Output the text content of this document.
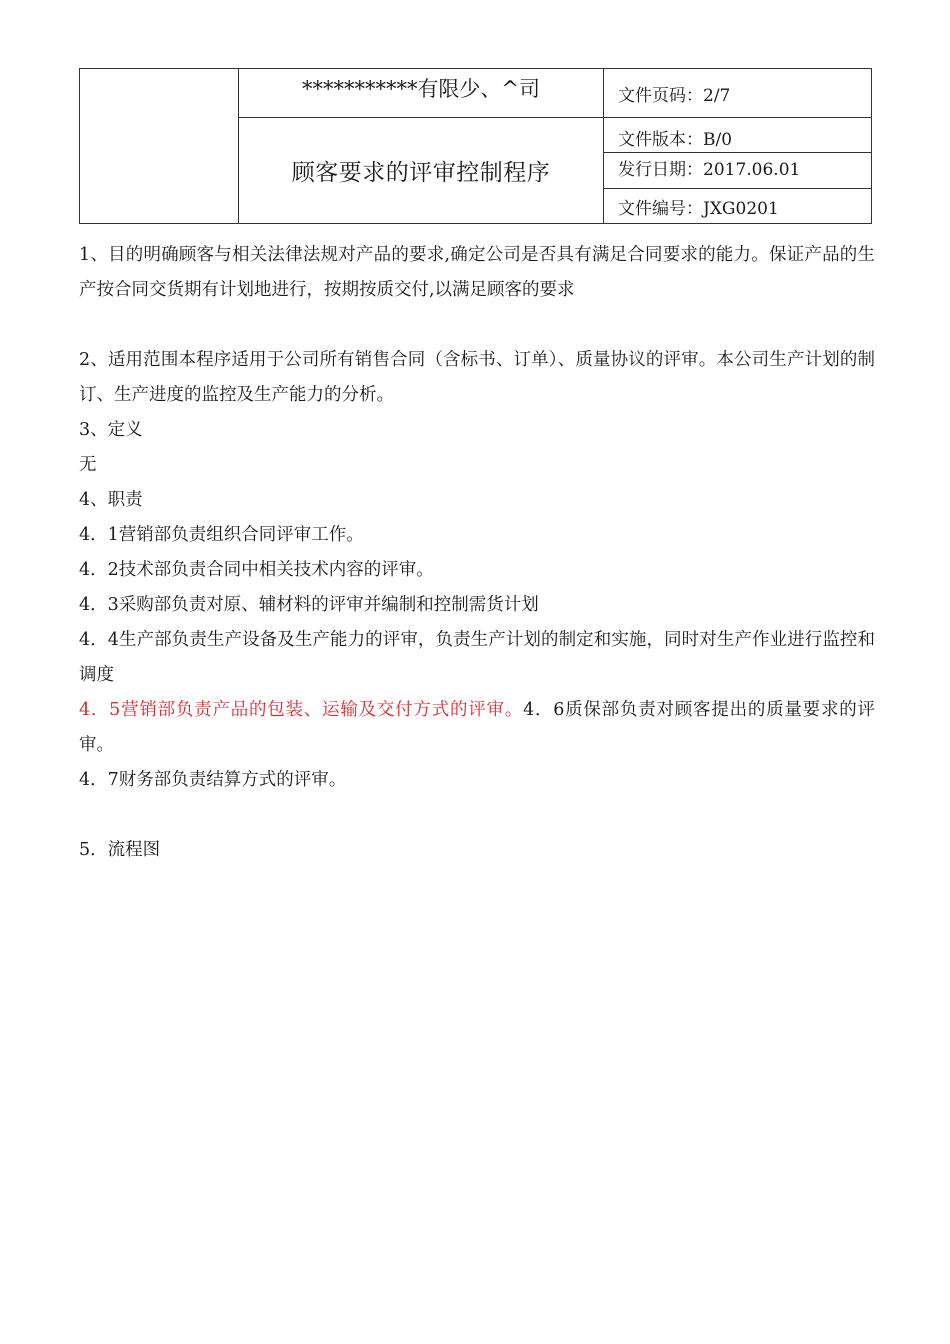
	***********有限少、^司	文件页码：2/7
	顾客要求的评审控制程序	文件版本：B/0
		发行日期：2017.06.01
		文件编号：JXG0201

1、目的明确顾客与相关法律法规对产品的要求,确定公司是否具有满足合同要求的能力。保证产品的生产按合同交货期有计划地进行，按期按质交付,以满足顾客的要求

2、适用范围本程序适用于公司所有销售合同（含标书、订单）、质量协议的评审。本公司生产计划的制订、生产进度的监控及生产能力的分析。

3、定义

无

4、职责

4．1营销部负责组织合同评审工作。

4．2技术部负责合同中相关技术内容的评审。

4．3采购部负责对原、辅材料的评审并编制和控制需货计划

4．4生产部负责生产设备及生产能力的评审，负责生产计划的制定和实施，同时对生产作业进行监控和调度

4．5营销部负责产品的包装、运输及交付方式的评审。4．6质保部负责对顾客提出的质量要求的评审。

4．7财务部负责结算方式的评审。

5．流程图
